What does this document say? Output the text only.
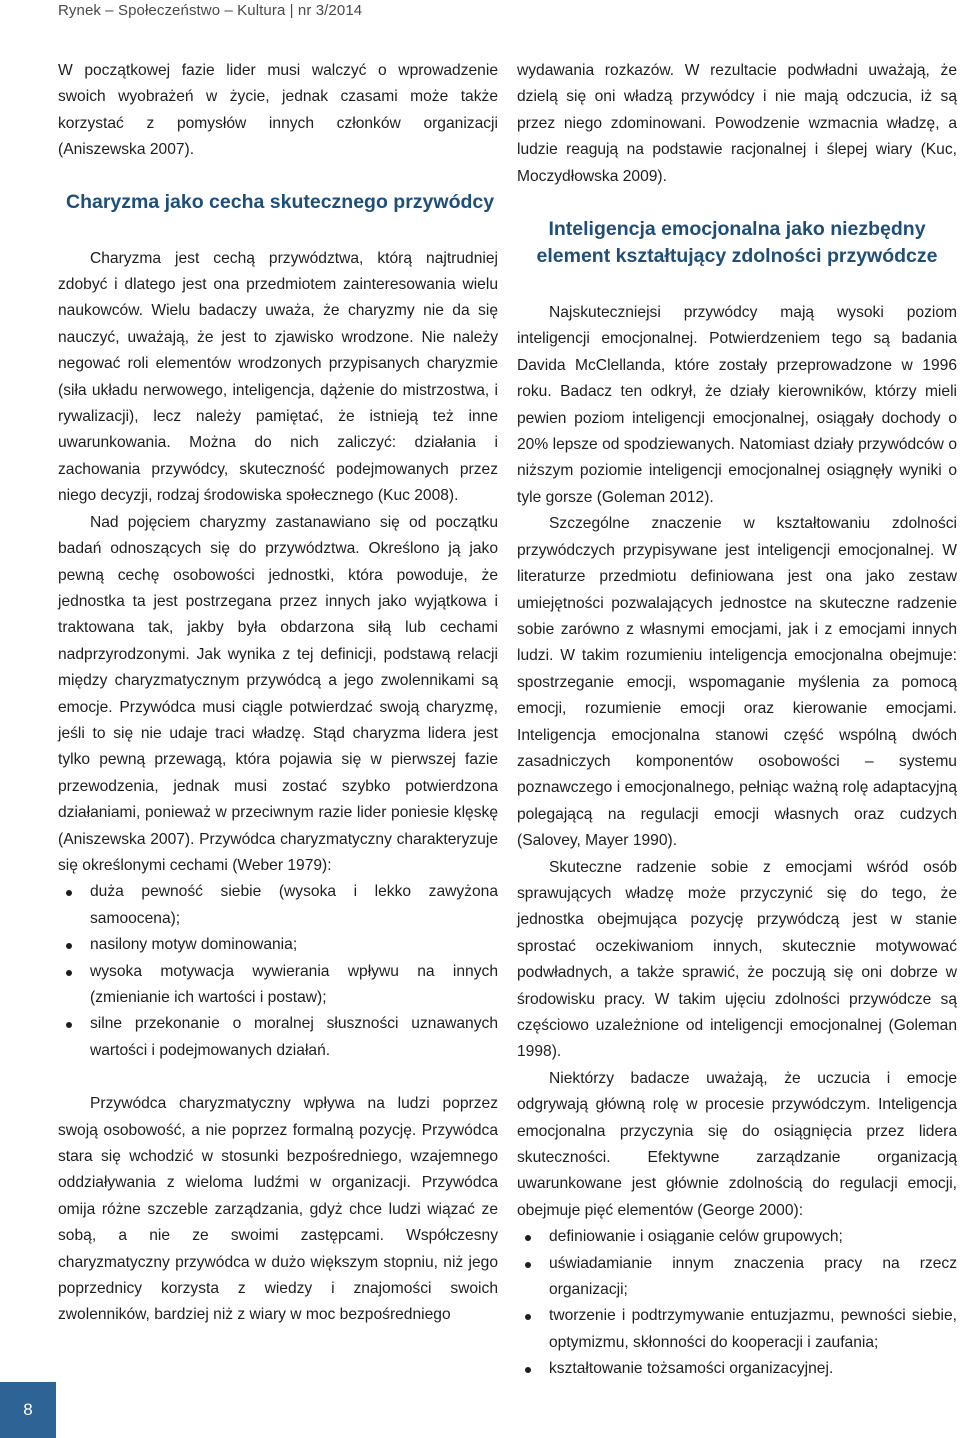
Rynek – Społeczeństwo – Kultura | nr 3/2014

W początkowej fazie lider musi walczyć o wprowadzenie swoich wyobrażeń w życie, jednak czasami może także korzystać z pomysłów innych członków organizacji (Aniszewska 2007).

Charyzma jako cecha skutecznego przywódcy

Charyzma jest cechą przywództwa, którą najtrudniej zdobyć i dlatego jest ona przedmiotem zainteresowania wielu naukowców. Wielu badaczy uważa, że charyzmy nie da się nauczyć, uważają, że jest to zjawisko wrodzone. Nie należy negować roli elementów wrodzonych przypisanych charyzmie (siła układu nerwowego, inteligencja, dążenie do mistrzostwa, i rywalizacji), lecz należy pamiętać, że istnieją też inne uwarunkowania. Można do nich zaliczyć: działania i zachowania przywódcy, skuteczność podejmowanych przez niego decyzji, rodzaj środowiska społecznego (Kuc 2008).

Nad pojęciem charyzmy zastanawiano się od początku badań odnoszących się do przywództwa. Określono ją jako pewną cechę osobowości jednostki, która powoduje, że jednostka ta jest postrzegana przez innych jako wyjątkowa i traktowana tak, jakby była obdarzona siłą lub cechami nadprzyrodzonymi. Jak wynika z tej definicji, podstawą relacji między charyzmatycznym przywódcą a jego zwolennikami są emocje. Przywódca musi ciągle potwierdzać swoją charyzmę, jeśli to się nie udaje traci władzę. Stąd charyzma lidera jest tylko pewną przewagą, która pojawia się w pierwszej fazie przewodzenia, jednak musi zostać szybko potwierdzona działaniami, ponieważ w przeciwnym razie lider poniesie klęskę (Aniszewska 2007). Przywódca charyzmatyczny charakteryzuje się określonymi cechami (Weber 1979):

duża pewność siebie (wysoka i lekko zawyżona samoocena);
nasilony motyw dominowania;
wysoka motywacja wywierania wpływu na innych (zmienianie ich wartości i postaw);
silne przekonanie o moralnej słuszności uznawanych wartości i podejmowanych działań.

Przywódca charyzmatyczny wpływa na ludzi poprzez swoją osobowość, a nie poprzez formalną pozycję. Przywódca stara się wchodzić w stosunki bezpośredniego, wzajemnego oddziaływania z wieloma ludźmi w organizacji. Przywódca omija różne szczeble zarządzania, gdyż chce ludzi wiązać ze sobą, a nie ze swoimi zastępcami. Współczesny charyzmatyczny przywódca w dużo większym stopniu, niż jego poprzednicy korzysta z wiedzy i znajomości swoich zwolenników, bardziej niż z wiary w moc bezpośredniego

wydawania rozkazów. W rezultacie podwładni uważają, że dzielą się oni władzą przywódcy i nie mają odczucia, iż są przez niego zdominowani. Powodzenie wzmacnia władzę, a ludzie reagują na podstawie racjonalnej i ślepej wiary (Kuc, Moczydłowska 2009).

Inteligencja emocjonalna jako niezbędny
element kształtujący zdolności przywódcze

Najskuteczniejsi przywódcy mają wysoki poziom inteligencji emocjonalnej. Potwierdzeniem tego są badania Davida McClellanda, które zostały przeprowadzone w 1996 roku. Badacz ten odkrył, że działy kierowników, którzy mieli pewien poziom inteligencji emocjonalnej, osiągały dochody o 20% lepsze od spodziewanych. Natomiast działy przywódców o niższym poziomie inteligencji emocjonalnej osiągnęły wyniki o tyle gorsze (Goleman 2012).

Szczególne znaczenie w kształtowaniu zdolności przywódczych przypisywane jest inteligencji emocjonalnej. W literaturze przedmiotu definiowana jest ona jako zestaw umiejętności pozwalających jednostce na skuteczne radzenie sobie zarówno z własnymi emocjami, jak i z emocjami innych ludzi. W takim rozumieniu inteligencja emocjonalna obejmuje: spostrzeganie emocji, wspomaganie myślenia za pomocą emocji, rozumienie emocji oraz kierowanie emocjami. Inteligencja emocjonalna stanowi część wspólną dwóch zasadniczych komponentów osobowości – systemu poznawczego i emocjonalnego, pełniąc ważną rolę adaptacyjną polegającą na regulacji emocji własnych oraz cudzych (Salovey, Mayer 1990).

Skuteczne radzenie sobie z emocjami wśród osób sprawujących władzę może przyczynić się do tego, że jednostka obejmująca pozycję przywódczą jest w stanie sprostać oczekiwaniom innych, skutecznie motywować podwładnych, a także sprawić, że poczują się oni dobrze w środowisku pracy. W takim ujęciu zdolności przywódcze są częściowo uzależnione od inteligencji emocjonalnej (Goleman 1998).

Niektórzy badacze uważają, że uczucia i emocje odgrywają główną rolę w procesie przywódczym. Inteligencja emocjonalna przyczynia się do osiągnięcia przez lidera skuteczności. Efektywne zarządzanie organizacją uwarunkowane jest głównie zdolnością do regulacji emocji, obejmuje pięć elementów (George 2000):

definiowanie i osiąganie celów grupowych;
uświadamianie innym znaczenia pracy na rzecz organizacji;
tworzenie i podtrzymywanie entuzjazmu, pewności siebie, optymizmu, skłonności do kooperacji i zaufania;
kształtowanie tożsamości organizacyjnej.
8
